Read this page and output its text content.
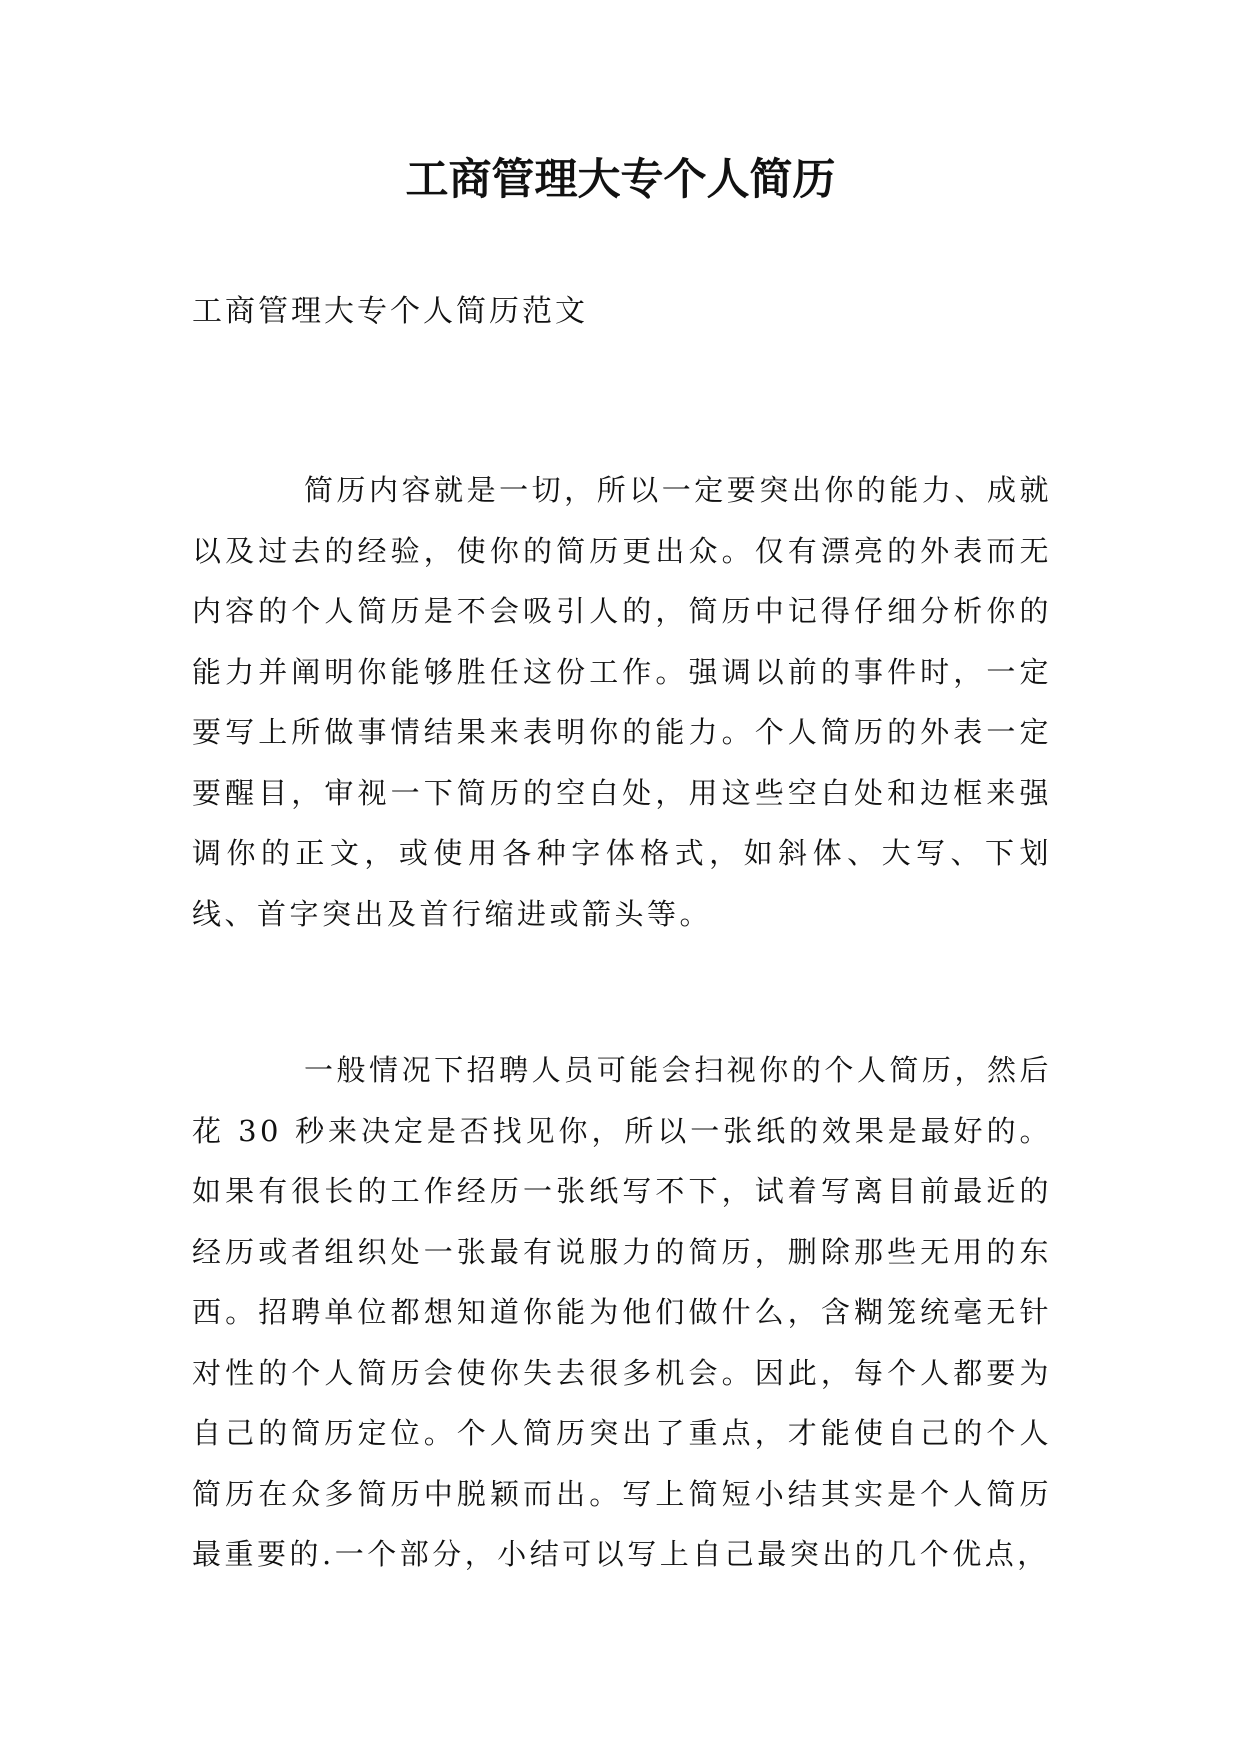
工商管理大专个人简历
工商管理大专个人简历范文

简历内容就是一切，所以一定要突出你的能力、成就以及过去的经验，使你的简历更出众。仅有漂亮的外表而无内容的个人简历是不会吸引人的，简历中记得仔细分析你的能力并阐明你能够胜任这份工作。强调以前的事件时，一定要写上所做事情结果来表明你的能力。个人简历的外表一定要醒目，审视一下简历的空白处，用这些空白处和边框来强调你的正文，或使用各种字体格式，如斜体、大写、下划线、首字突出及首行缩进或箭头等。

一般情况下招聘人员可能会扫视你的个人简历，然后花 30 秒来决定是否找见你，所以一张纸的效果是最好的。如果有很长的工作经历一张纸写不下，试着写离目前最近的经历或者组织处一张最有说服力的简历，删除那些无用的东西。招聘单位都想知道你能为他们做什么，含糊笼统毫无针对性的个人简历会使你失去很多机会。因此，每个人都要为自己的简历定位。个人简历突出了重点，才能使自己的个人简历在众多简历中脱颖而出。写上简短小结其实是个人简历最重要的.一个部分，小结可以写上自己最突出的几个优点，
